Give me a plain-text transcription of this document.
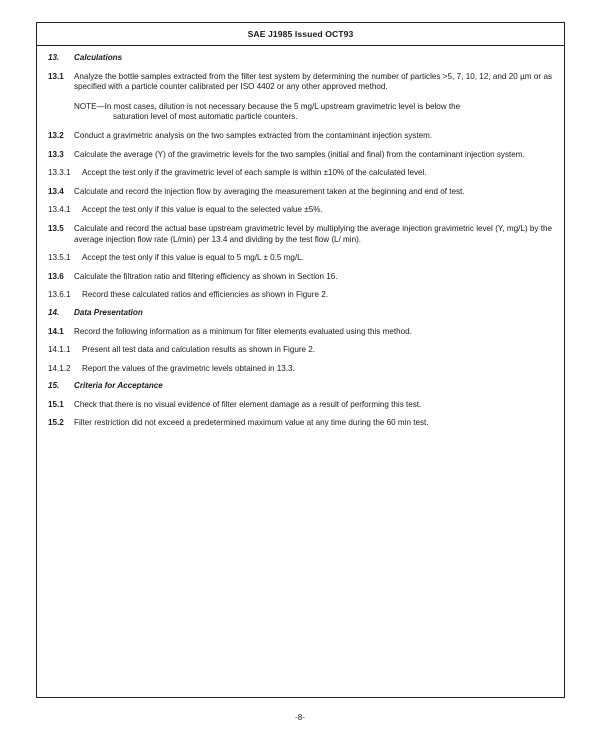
SAE J1985 Issued OCT93
13.	Calculations
13.1	Analyze the bottle samples extracted from the filter test system by determining the number of particles >5, 7, 10, 12, and 20 µm or as specified with a particle counter calibrated per ISO 4402 or any other approved method.
NOTE—In most cases, dilution is not necessary because the 5 mg/L upstream gravimetric level is below the
saturation level of most automatic particle counters.
13.2	Conduct a gravimetric analysis on the two samples extracted from the contaminant injection system.
13.3	Calculate the average (Y) of the gravimetric levels for the two samples (initial and final) from the contaminant injection system.
13.3.1 Accept the test only if the gravimetric level of each sample is within ±10% of the calculated level.
13.4	Calculate and record the injection flow by averaging the measurement taken at the beginning and end of test.
13.4.1 Accept the test only if this value is equal to the selected value ±5%.
13.5	Calculate and record the actual base upstream gravimetric level by multiplying the average injection gravimetric level (Y, mg/L) by the average injection flow rate (L/min) per 13.4 and dividing by the test flow (L/ min).
13.5.1 Accept the test only if this value is equal to 5 mg/L ± 0.5 mg/L.
13.6	Calculate the filtration ratio and filtering efficiency as shown in Section 16.
13.6.1 Record these calculated ratios and efficiencies as shown in Figure 2.
14.	Data Presentation
14.1	Record the following information as a minimum for filter elements evaluated using this method.
14.1.1 Present all test data and calculation results as shown in Figure 2.
14.1.2 Report the values of the gravimetric levels obtained in 13.3.
15.	Criteria for Acceptance
15.1	Check that there is no visual evidence of filter element damage as a result of performing this test.
15.2	Filter restriction did not exceed a predetermined maximum value at any time during the 60 min test.
-8-
